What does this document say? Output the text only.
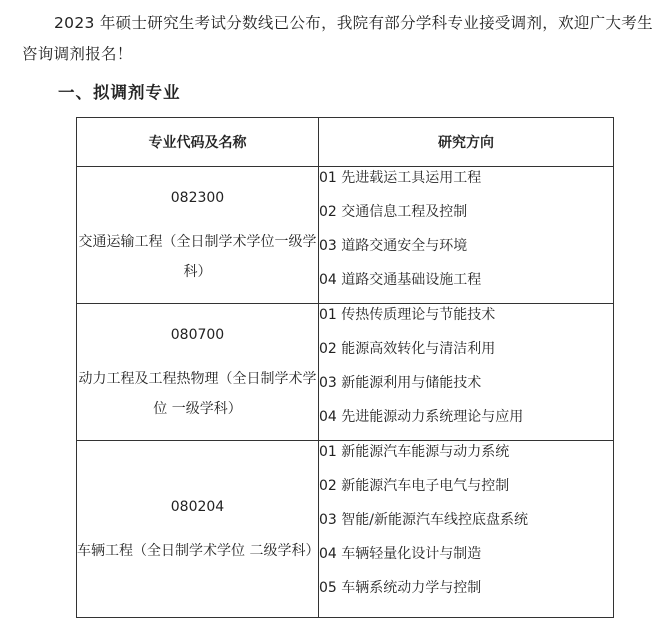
2023 年硕士研究生考试分数线已公布，我院有部分学科专业接受调剂，欢迎广大考生咨询调剂报名！

一、拟调剂专业
专业代码及名称	研究方向

082300
交通运输工程（全日制学术学位一级学科）	01 先进载运工具运用工程
02 交通信息工程及控制
03 道路交通安全与环境
04 道路交通基础设施工程

080700
动力工程及工程热物理（全日制学术学位 一级学科）	01 传热传质理论与节能技术
02 能源高效转化与清洁利用
03 新能源利用与储能技术
04 先进能源动力系统理论与应用

080204
车辆工程（全日制学术学位 二级学科）	01 新能源汽车能源与动力系统
02 新能源汽车电子电气与控制
03 智能/新能源汽车线控底盘系统
04 车辆轻量化设计与制造
05 车辆系统动力学与控制
